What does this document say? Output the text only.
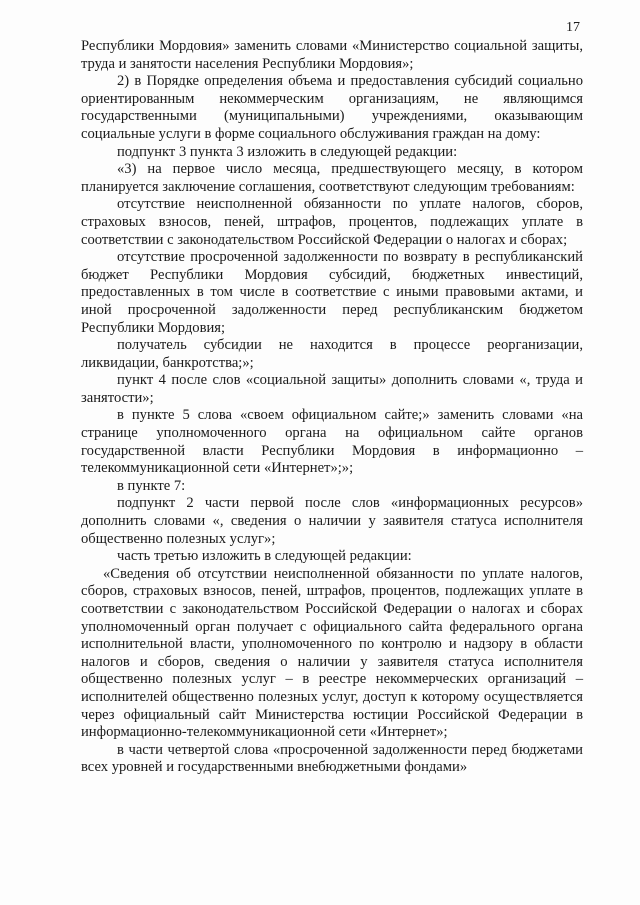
17

Республики Мордовия» заменить словами «Министерство социальной защиты, труда и занятости населения Республики Мордовия»;

2) в Порядке определения объема и предоставления субсидий социально ориентированным некоммерческим организациям, не являющимся государственными (муниципальными) учреждениями, оказывающим социальные услуги в форме социального обслуживания граждан на дому:

подпункт 3 пункта 3 изложить в следующей редакции:

«3) на первое число месяца, предшествующего месяцу, в котором планируется заключение соглашения, соответствуют следующим требованиям:

отсутствие неисполненной обязанности по уплате налогов, сборов, страховых взносов, пеней, штрафов, процентов, подлежащих уплате в соответствии с законодательством Российской Федерации о налогах и сборах;

отсутствие просроченной задолженности по возврату в республиканский бюджет Республики Мордовия субсидий, бюджетных инвестиций, предоставленных в том числе в соответствие с иными правовыми актами, и иной просроченной задолженности перед республиканским бюджетом Республики Мордовия;

получатель субсидии не находится в процессе реорганизации, ликвидации, банкротства;»;

пункт 4 после слов «социальной защиты» дополнить словами «, труда и занятости»;

в пункте 5 слова «своем официальном сайте;» заменить словами «на странице уполномоченного органа на официальном сайте органов государственной власти Республики Мордовия в информационно – телекоммуникационной сети «Интернет»;»;

в пункте 7:

подпункт 2 части первой после слов «информационных ресурсов» дополнить словами «, сведения о наличии у заявителя статуса исполнителя общественно полезных услуг»;

часть третью изложить в следующей редакции:

«Сведения об отсутствии неисполненной обязанности по уплате налогов, сборов, страховых взносов, пеней, штрафов, процентов, подлежащих уплате в соответствии с законодательством Российской Федерации о налогах и сборах уполномоченный орган получает с официального сайта федерального органа исполнительной власти, уполномоченного по контролю и надзору в области налогов и сборов, сведения о наличии у заявителя статуса исполнителя общественно полезных услуг – в реестре некоммерческих организаций – исполнителей общественно полезных услуг, доступ к которому осуществляется через официальный сайт Министерства юстиции Российской Федерации в информационно-телекоммуникационной сети «Интернет»;

в части четвертой слова «просроченной задолженности перед бюджетами всех уровней и государственными внебюджетными фондами»
